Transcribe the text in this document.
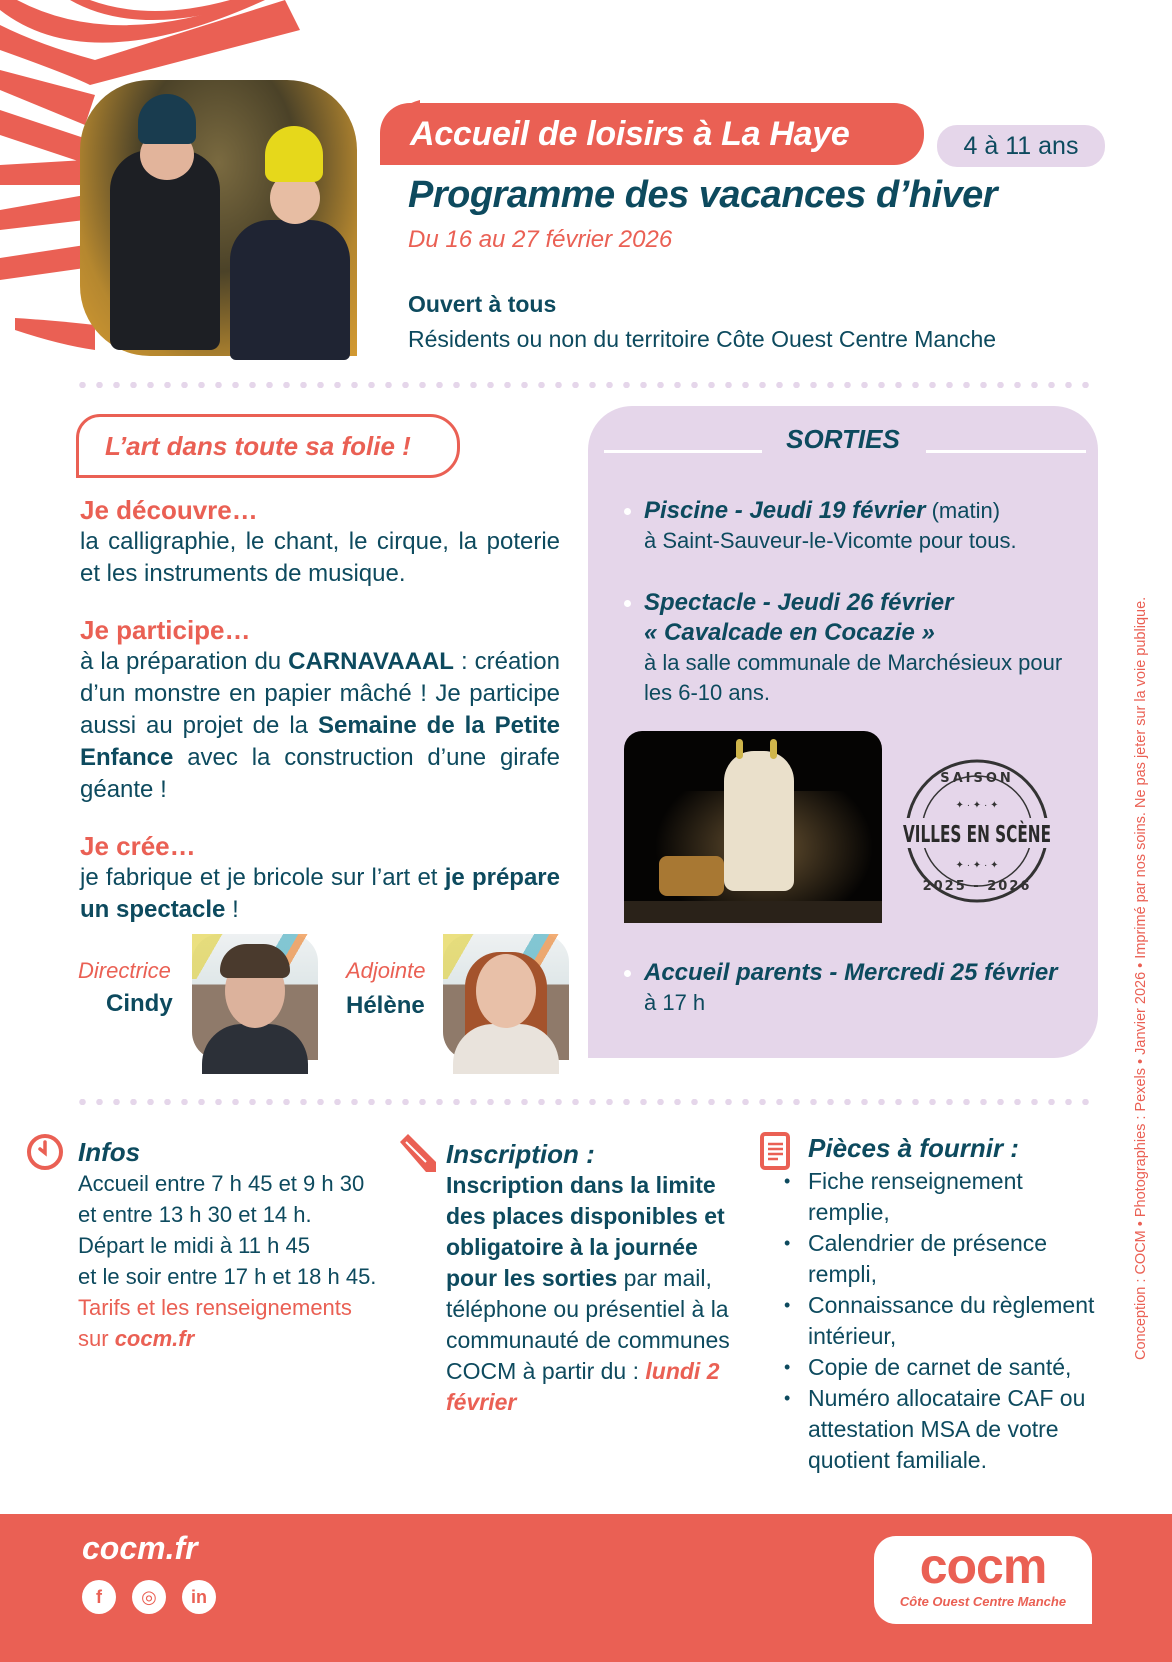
Accueil de loisirs à La Haye	4 à 11 ans
Programme des vacances d’hiver
Du 16 au 27 février 2026
Ouvert à tous
Résidents ou non du territoire Côte Ouest Centre Manche
L’art dans toute sa folie !
Je découvre…

la calligraphie, le chant, le cirque, la poterie et les instruments de musique.

Je participe…

à la préparation du CARNAVAAAL : création d’un monstre en papier mâché ! Je participe aussi au projet de la Semaine de la Petite Enfance avec la construction d’une girafe géante !

Je crée…

je fabrique et je bricole sur l’art et je prépare un spectacle !

Directrice
Cindy
Adjointe
Hélène
SORTIES
Piscine - Jeudi 19 février (matin)
à Saint-Sauveur-le-Vicomte pour tous.
Spectacle - Jeudi 26 février
« Cavalcade en Cocazie »
à la salle communale de Marchésieux pour les 6-10 ans.
SAISON
VILLES EN SCÈNE
2025 - 2026
✦ · ✦ · ✦
✦ · ✦ · ✦
Accueil parents - Mercredi 25 février
à 17 h
Infos
Accueil entre 7 h 45 et 9 h 30
et entre 13 h 30 et 14 h.
Départ le midi à 11 h 45
et le soir entre 17 h et 18 h 45.
Tarifs et les renseignements
sur cocm.fr
Inscription :
Inscription dans la limite des places disponibles et obligatoire à la journée pour les sorties par mail, téléphone ou présentiel à la communauté de communes COCM à partir du : lundi 2 février
Pièces à fournir :
• Fiche renseignement remplie,
• Calendrier de présence rempli,
• Connaissance du règlement intérieur,
• Copie de carnet de santé,
• Numéro allocataire CAF ou attestation MSA de votre quotient familiale.
Conception : COCM • Photographies : Pexels • Janvier 2026 • Imprimé par nos soins. Ne pas jeter sur la voie publique.
cocm.fr
f	◎	in
cocm
Côte Ouest Centre Manche
